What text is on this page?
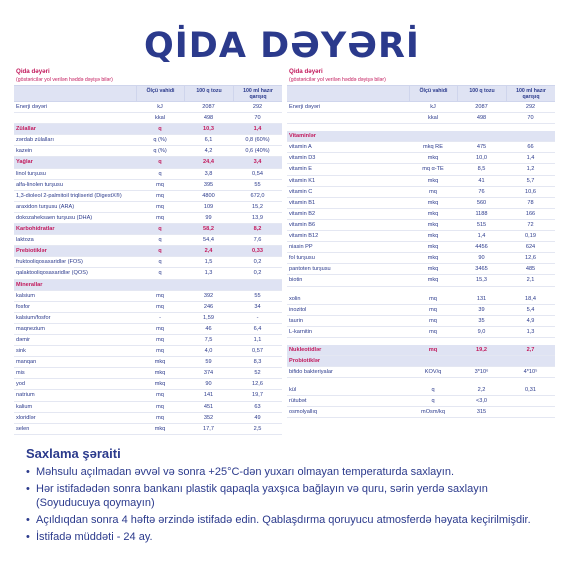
QİDA DƏYƏRİ
Qida dəyəri
(göstəricilər yol verilən həddə dəyişə bilər)
Ölçü vahidi	100 q tozu	100 ml hazır qarışıq
Enerji dəyəri	kJ	2087	292
kkal	498	70
Zülallar	q	10,3	1,4
zərdab zülalları	q (%)	6,1	0,8 (60%)
kazein	q (%)	4,2	0,6 (40%)
Yağlar	q	24,4	3,4
linol turşusu	q	3,8	0,54
alfa-linolen turşusu	mq	395	55
1,3-dioleol 2-palmitoil triqliserid (DigestX®)	mq	4800	672,0
araxidon turşusu (ARA)	mq	109	15,2
dokozaheksaen turşusu (DHA)	mq	99	13,9
Karbohidratlar	q	58,2	8,2
laktoza	q	54,4	7,6
Prebiotiklər	q	2,4	0,33
fruktooliqosaxaridlər (FOS)	q	1,5	0,2
qalaktooliqosaxaridlər (QOS)	q	1,3	0,2
Minerallar
kalsium	mq	392	55
fosfor	mq	246	34
kalsium/fosfor	-	1,59	-
maqnezium	mq	46	6,4
dəmir	mq	7,5	1,1
sink	mq	4,0	0,57
manqan	mkq	59	8,3
mis	mkq	374	52
yod	mkq	90	12,6
natrium	mq	141	19,7
kalium	mq	451	63
xloridlər	mq	352	49
selen	mkq	17,7	2,5
Qida dəyəri
(göstəricilər yol verilən həddə dəyişə bilər)
Ölçü vahidi	100 q tozu	100 ml hazır qarışıq
Enerji dəyəri	kJ	2087	292
kkal	498	70
Vitaminlər
vitamin A	mkq RE	475	66
vitamin D3	mkq	10,0	1,4
vitamin E	mq α-TE	8,5	1,2
vitamin K1	mkq	41	5,7
vitamin C	mq	76	10,6
vitamin B1	mkq	560	78
vitamin B2	mkq	1188	166
vitamin B6	mkq	515	72
vitamin B12	mkq	1,4	0,19
niasin PP	mkq	4456	624
fol turşusu	mkq	90	12,6
pantoten turşusu	mkq	3465	485
biotin	mkq	15,3	2,1
xolin	mq	131	18,4
inozitol	mq	39	5,4
taurin	mq	35	4,9
L-karnitin	mq	9,0	1,3
Nukleotidlər	mq	19,2	2,7
Probiotiklər
bifido bakteriyalar	KOV/q	3*10⁶	4*10⁵
kül	q	2,2	0,31
rütubət	q	<3,0
osmolyallıq	mOsm/kq	315
Saxlama şəraiti
• Məhsulu açılmadan əvvəl və sonra +25°C-dən yuxarı olmayan temperaturda saxlayın.
• Hər istifadədən sonra bankanı plastik qapaqla yaxşıca bağlayın və quru, sərin yerdə saxlayın (Soyuducuya qoymayın)
• Açıldıqdan sonra 4 həftə ərzində istifadə edin. Qablaşdırma qoruyucu atmosferdə həyata keçirilmişdir.
• İstifadə müddəti - 24 ay.
